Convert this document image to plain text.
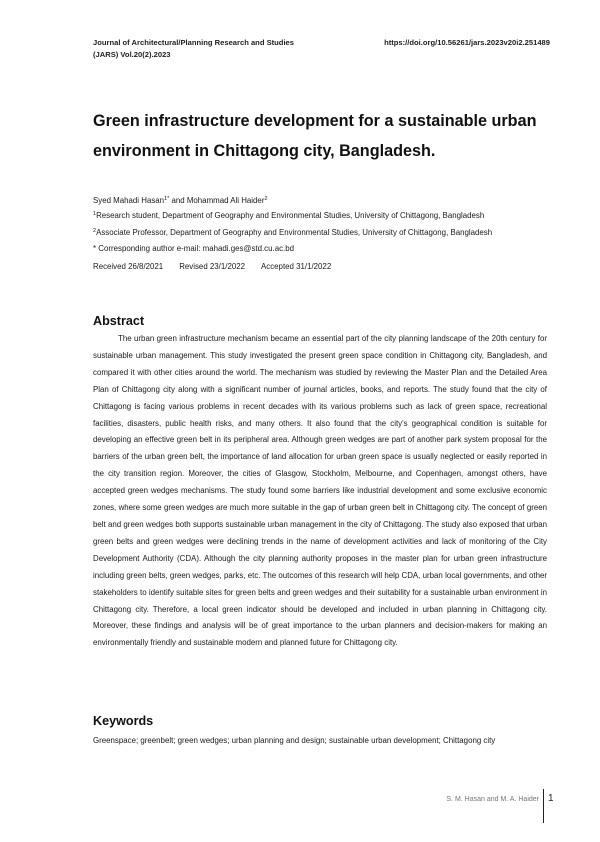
Journal of Architectural/Planning Research and Studies
(JARS) Vol.20(2).2023
https://doi.org/10.56261/jars.2023v20i2.251489
Green infrastructure development for a sustainable urban environment in Chittagong city, Bangladesh.
Syed Mahadi Hasan$^{1*}$ and Mohammad Ali Haider$^2$
$^1$Research student, Department of Geography and Environmental Studies, University of Chittagong, Bangladesh
$^2$Associate Professor, Department of Geography and Environmental Studies, University of Chittagong, Bangladesh
* Corresponding author e-mail: mahadi.ges@std.cu.ac.bd
Received 26/8/2021 Revised 23/1/2022 Accepted 31/1/2022
Abstract

The urban green infrastructure mechanism became an essential part of the city planning landscape of the 20th century for sustainable urban management. This study investigated the present green space condition in Chittagong city, Bangladesh, and compared it with other cities around the world. The mechanism was studied by reviewing the Master Plan and the Detailed Area Plan of Chittagong city along with a significant number of journal articles, books, and reports. The study found that the city of Chittagong is facing various problems in recent decades with its various problems such as lack of green space, recreational facilities, disasters, public health risks, and many others. It also found that the city's geographical condition is suitable for developing an effective green belt in its peripheral area. Although green wedges are part of another park system proposal for the barriers of the urban green belt, the importance of land allocation for urban green space is usually neglected or easily reported in the city transition region. Moreover, the cities of Glasgow, Stockholm, Melbourne, and Copenhagen, amongst others, have accepted green wedges mechanisms. The study found some barriers like industrial development and some exclusive economic zones, where some green wedges are much more suitable in the gap of urban green belt in Chittagong city. The concept of green belt and green wedges both supports sustainable urban management in the city of Chittagong. The study also exposed that urban green belts and green wedges were declining trends in the name of development activities and lack of monitoring of the City Development Authority (CDA). Although the city planning authority proposes in the master plan for urban green infrastructure including green belts, green wedges, parks, etc. The outcomes of this research will help CDA, urban local governments, and other stakeholders to identify suitable sites for green belts and green wedges and their suitability for a sustainable urban environment in Chittagong city. Therefore, a local green indicator should be developed and included in urban planning in Chittagong city. Moreover, these findings and analysis will be of great importance to the urban planners and decision-makers for making an environmentally friendly and sustainable modern and planned future for Chittagong city.

Keywords

Greenspace; greenbelt; green wedges; urban planning and design; sustainable urban development; Chittagong city

S. M. Hasan and M. A. Haider 1
